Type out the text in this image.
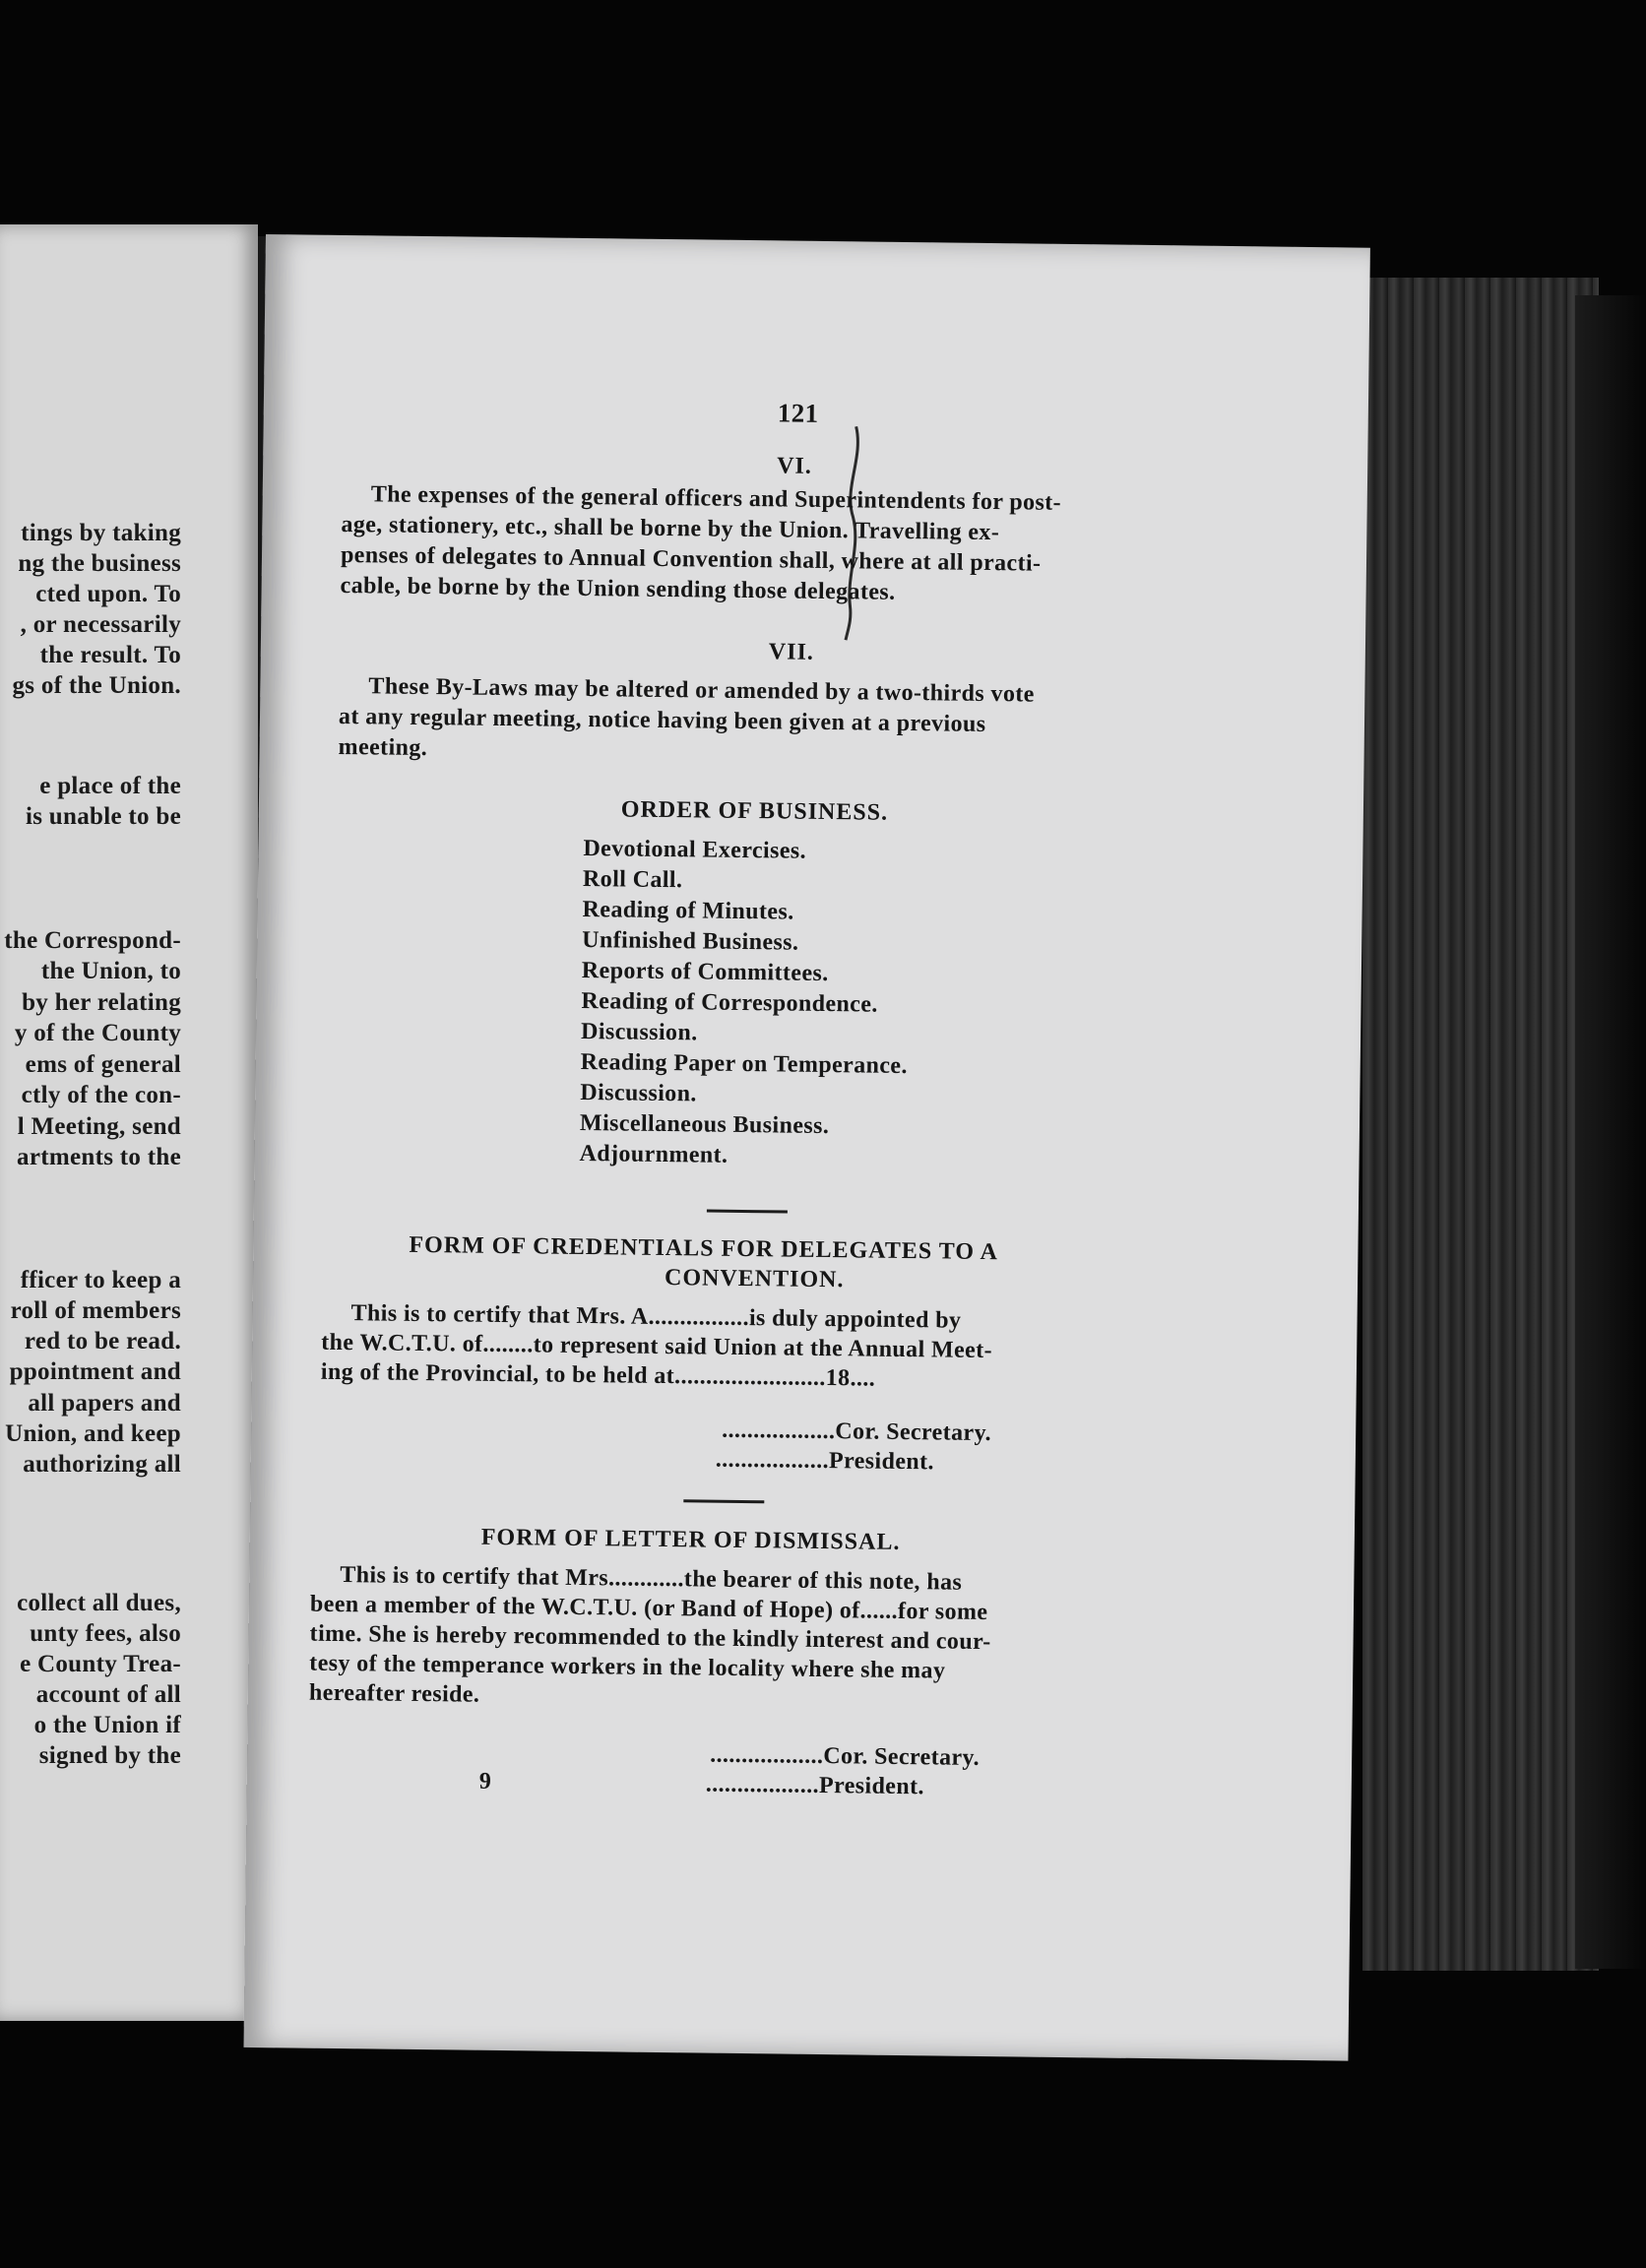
tings by taking
ng the business
cted upon. To
, or necessarily
the result. To
gs of the Union.
e place of the
is unable to be
the Correspond-
the Union, to
by her relating
y of the County
ems of general
ctly of the con-
l Meeting, send
artments to the
fficer to keep a
roll of members
red to be read.
ppointment and
all papers and
Union, and keep
authorizing all
collect all dues,
unty fees, also
e County Trea-
account of all
o the Union if
signed by the
121
VI.
The expenses of the general officers and Superintendents for post-
age, stationery, etc., shall be borne by the Union. Travelling ex-
penses of delegates to Annual Convention shall, where at all practi-
cable, be borne by the Union sending those delegates.
VII.
These By-Laws may be altered or amended by a two-thirds vote
at any regular meeting, notice having been given at a previous
meeting.
ORDER OF BUSINESS.
Devotional Exercises.
Roll Call.
Reading of Minutes.
Unfinished Business.
Reports of Committees.
Reading of Correspondence.
Discussion.
Reading Paper on Temperance.
Discussion.
Miscellaneous Business.
Adjournment.
FORM OF CREDENTIALS FOR DELEGATES TO A
CONVENTION.
This is to certify that Mrs. A................is duly appointed by
the W.C.T.U. of........to represent said Union at the Annual Meet-
ing of the Provincial, to be held at........................18....
..................Cor. Secretary.
..................President.
FORM OF LETTER OF DISMISSAL.
This is to certify that Mrs............the bearer of this note, has
been a member of the W.C.T.U. (or Band of Hope) of......for some
time. She is hereby recommended to the kindly interest and cour-
tesy of the temperance workers in the locality where she may
hereafter reside.
..................Cor. Secretary.
..................President.
9
